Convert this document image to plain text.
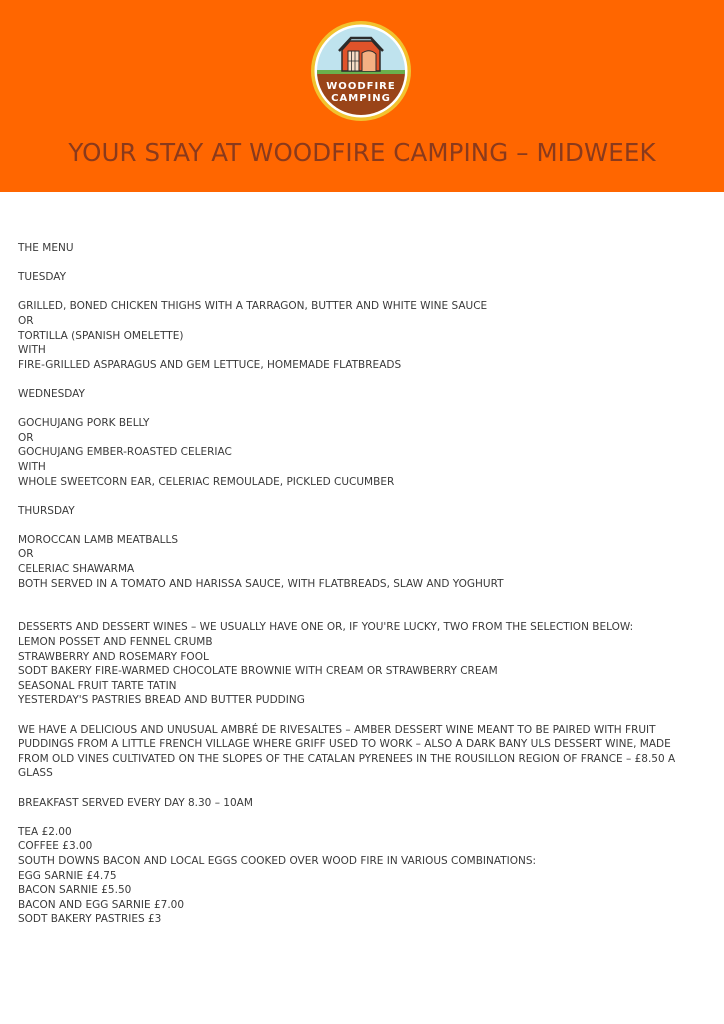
WOODFIRE
CAMPING
YOUR STAY AT WOODFIRE CAMPING – MIDWEEK

THE MENU

TUESDAY

GRILLED, BONED CHICKEN THIGHS WITH A TARRAGON, BUTTER AND WHITE WINE SAUCE

OR

TORTILLA (SPANISH OMELETTE)

WITH

FIRE-GRILLED ASPARAGUS AND GEM LETTUCE, HOMEMADE FLATBREADS

WEDNESDAY

GOCHUJANG PORK BELLY

OR

GOCHUJANG EMBER-ROASTED CELERIAC

WITH

WHOLE SWEETCORN EAR, CELERIAC REMOULADE, PICKLED CUCUMBER

THURSDAY

MOROCCAN LAMB MEATBALLS

OR

CELERIAC SHAWARMA

BOTH SERVED IN A TOMATO AND HARISSA SAUCE, WITH FLATBREADS, SLAW AND YOGHURT

DESSERTS AND DESSERT WINES – WE USUALLY HAVE ONE OR, IF YOU'RE LUCKY, TWO FROM THE SELECTION BELOW:

LEMON POSSET AND FENNEL CRUMB

STRAWBERRY AND ROSEMARY FOOL

SODT BAKERY FIRE-WARMED CHOCOLATE BROWNIE WITH CREAM OR STRAWBERRY CREAM

SEASONAL FRUIT TARTE TATIN

YESTERDAY'S PASTRIES BREAD AND BUTTER PUDDING

WE HAVE A DELICIOUS AND UNUSUAL AMBRÉ DE RIVESALTES – AMBER DESSERT WINE MEANT TO BE PAIRED WITH FRUIT

PUDDINGS FROM A LITTLE FRENCH VILLAGE WHERE GRIFF USED TO WORK – ALSO A DARK BANY ULS DESSERT WINE, MADE

FROM OLD VINES CULTIVATED ON THE SLOPES OF THE CATALAN PYRENEES IN THE ROUSILLON REGION OF FRANCE – £8.50 A

GLASS

BREAKFAST SERVED EVERY DAY 8.30 – 10AM

TEA £2.00

COFFEE £3.00

SOUTH DOWNS BACON AND LOCAL EGGS COOKED OVER WOOD FIRE IN VARIOUS COMBINATIONS:

EGG SARNIE £4.75

BACON SARNIE £5.50

BACON AND EGG SARNIE £7.00

SODT BAKERY PASTRIES £3
